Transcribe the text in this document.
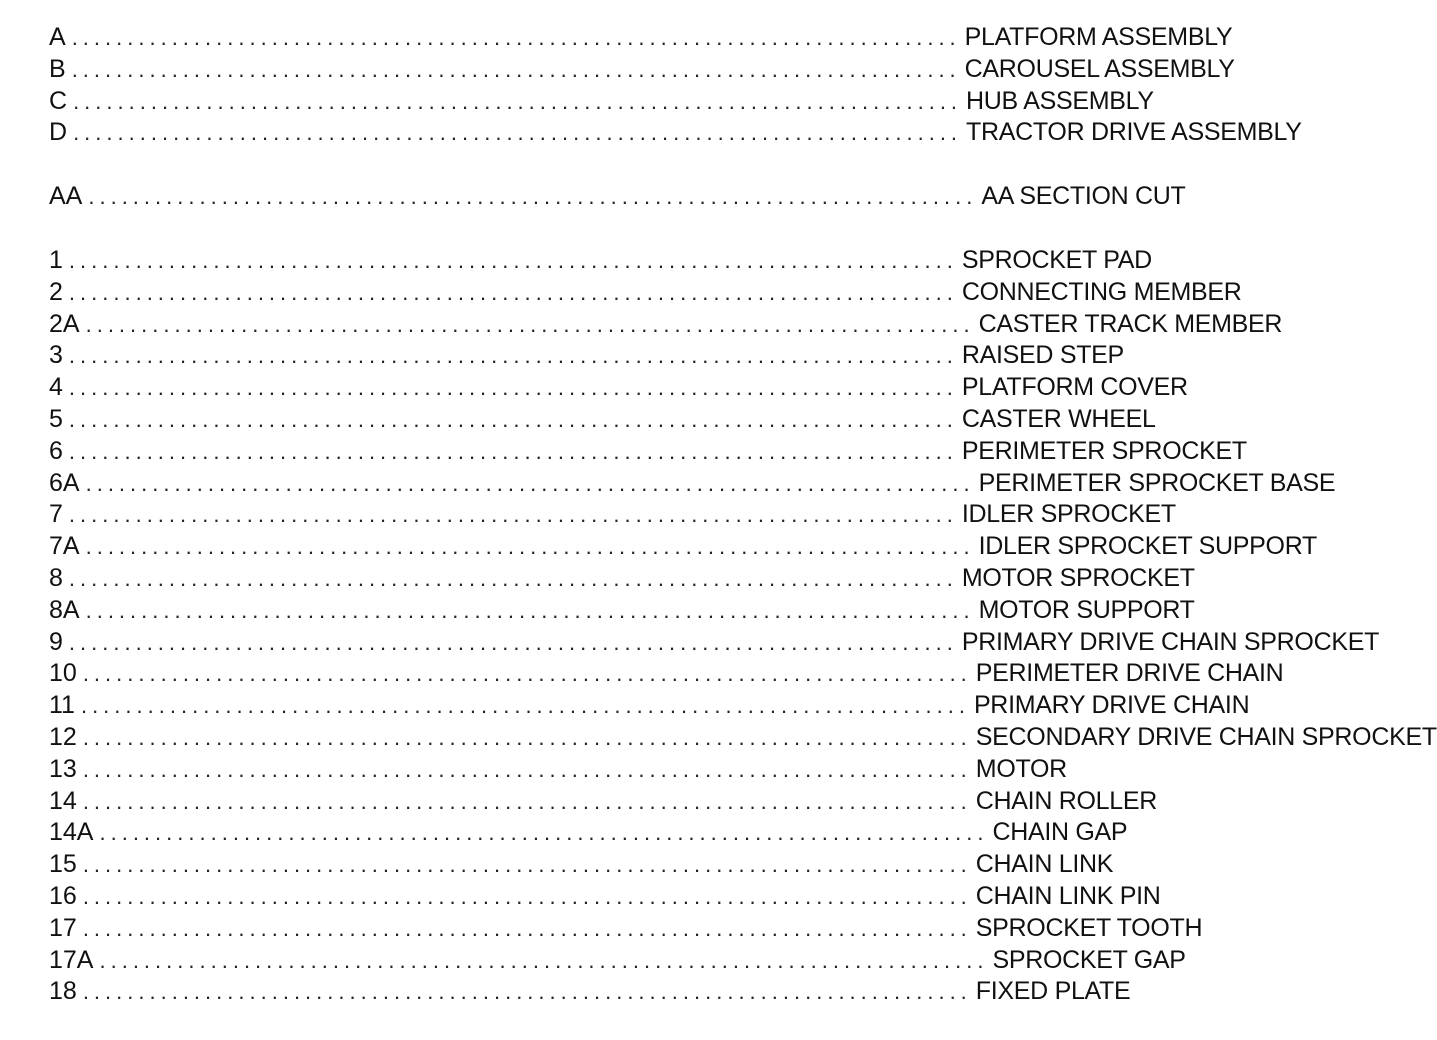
A ................................................................................ PLATFORM ASSEMBLY
B ................................................................................ CAROUSEL ASSEMBLY
C ................................................................................ HUB ASSEMBLY
D ................................................................................ TRACTOR DRIVE ASSEMBLY
AA ................................................................................ AA SECTION CUT
1 ................................................................................ SPROCKET PAD
2 ................................................................................ CONNECTING MEMBER
2A ................................................................................ CASTER TRACK MEMBER
3 ................................................................................ RAISED STEP
4 ................................................................................ PLATFORM COVER
5 ................................................................................ CASTER WHEEL
6 ................................................................................ PERIMETER SPROCKET
6A ................................................................................ PERIMETER SPROCKET BASE
7 ................................................................................ IDLER SPROCKET
7A ................................................................................ IDLER SPROCKET SUPPORT
8 ................................................................................ MOTOR SPROCKET
8A ................................................................................ MOTOR SUPPORT
9 ................................................................................ PRIMARY DRIVE CHAIN SPROCKET
10 ................................................................................ PERIMETER DRIVE CHAIN
11 ................................................................................ PRIMARY DRIVE CHAIN
12 ................................................................................ SECONDARY DRIVE CHAIN SPROCKET
13 ................................................................................ MOTOR
14 ................................................................................ CHAIN ROLLER
14A ................................................................................ CHAIN GAP
15 ................................................................................ CHAIN LINK
16 ................................................................................ CHAIN LINK PIN
17 ................................................................................ SPROCKET TOOTH
17A ................................................................................ SPROCKET GAP
18 ................................................................................ FIXED PLATE
